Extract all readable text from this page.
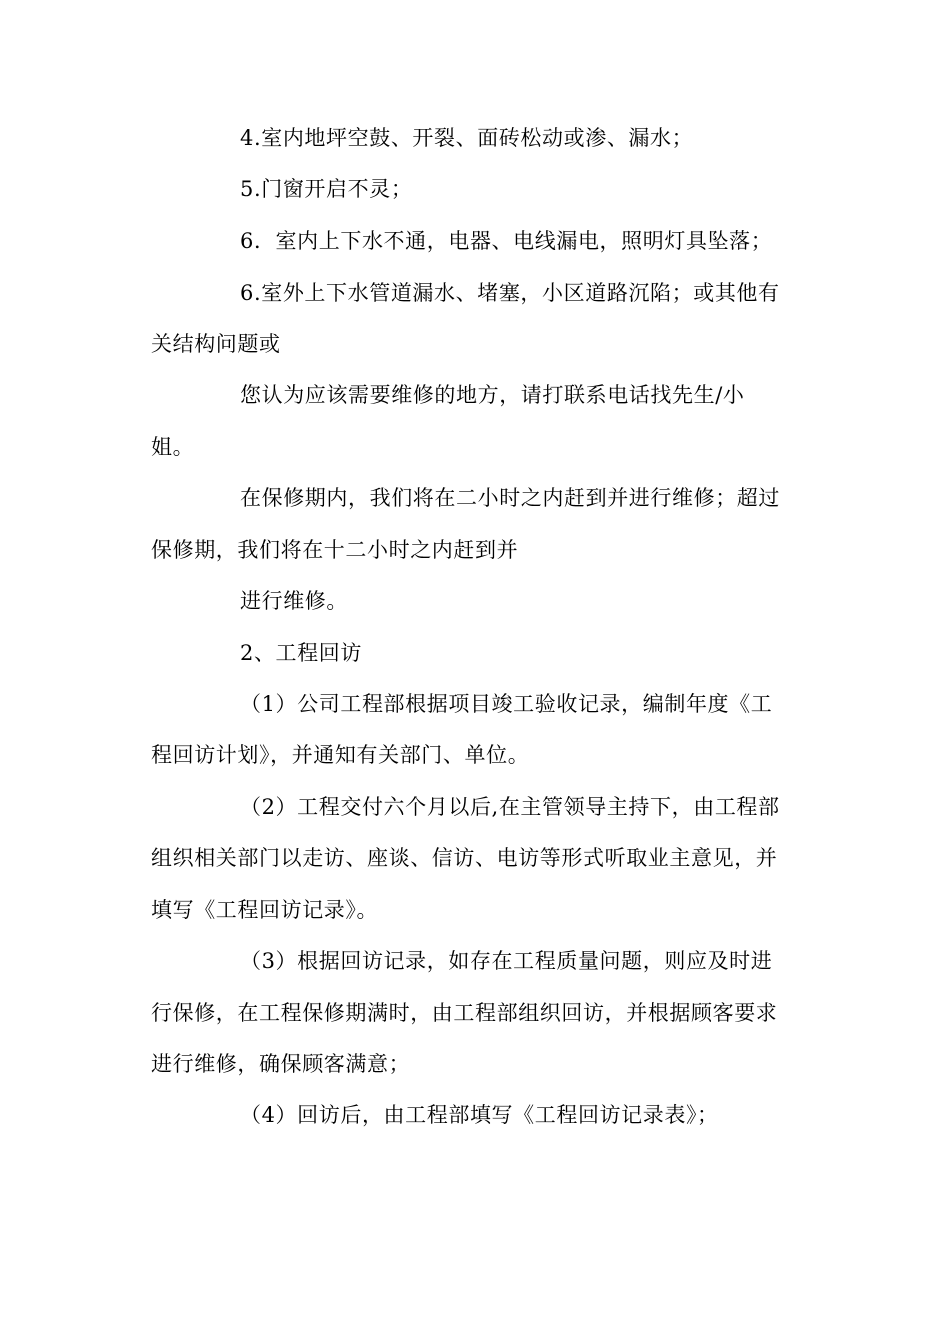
4.室内地坪空鼓、开裂、面砖松动或渗、漏水；
5.门窗开启不灵；
6．室内上下水不通，电器、电线漏电，照明灯具坠落；
6.室外上下水管道漏水、堵塞，小区道路沉陷；或其他有
关结构问题或
您认为应该需要维修的地方，请打联系电话找先生/小
姐。
在保修期内，我们将在二小时之内赶到并进行维修；超过
保修期，我们将在十二小时之内赶到并
进行维修。
2、工程回访
（1）公司工程部根据项目竣工验收记录，编制年度《工
程回访计划》，并通知有关部门、单位。
（2）工程交付六个月以后,在主管领导主持下，由工程部
组织相关部门以走访、座谈、信访、电访等形式听取业主意见，并
填写《工程回访记录》。
（3）根据回访记录，如存在工程质量问题，则应及时进
行保修，在工程保修期满时，由工程部组织回访，并根据顾客要求
进行维修，确保顾客满意；
（4）回访后，由工程部填写《工程回访记录表》；
